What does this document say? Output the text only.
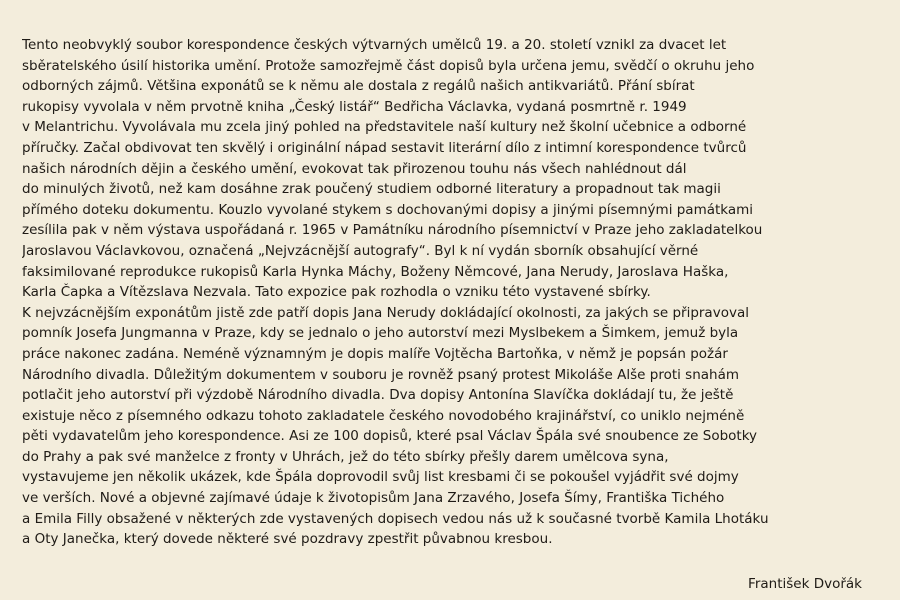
Tento neobvyklý soubor korespondence českých výtvarných umělců 19. a 20. století vznikl za dvacet let
sběratelského úsilí historika umění. Protože samozřejmě část dopisů byla určena jemu, svědčí o okruhu jeho
odborných zájmů. Většina exponátů se k němu ale dostala z regálů našich antikvariátů. Přání sbírat
rukopisy vyvolala v něm prvotně kniha „Český listář“ Bedřicha Václavka, vydaná posmrtně r. 1949
v Melantrichu. Vyvolávala mu zcela jiný pohled na představitele naší kultury než školní učebnice a odborné
příručky. Začal obdivovat ten skvělý i originální nápad sestavit literární dílo z intimní korespondence tvůrců
našich národních dějin a českého umění, evokovat tak přirozenou touhu nás všech nahlédnout dál
do minulých životů, než kam dosáhne zrak poučený studiem odborné literatury a propadnout tak magii
přímého doteku dokumentu. Kouzlo vyvolané stykem s dochovanými dopisy a jinými písemnými památkami
zesílila pak v něm výstava uspořádaná r. 1965 v Památníku národního písemnictví v Praze jeho zakladatelkou
Jaroslavou Václavkovou, označená „Nejvzácnější autografy“. Byl k ní vydán sborník obsahující věrné
faksimilované reprodukce rukopisů Karla Hynka Máchy, Boženy Němcové, Jana Nerudy, Jaroslava Haška,
Karla Čapka a Vítězslava Nezvala. Tato expozice pak rozhodla o vzniku této vystavené sbírky.
K nejvzácnějším exponátům jistě zde patří dopis Jana Nerudy dokládající okolnosti, za jakých se připravoval
pomník Josefa Jungmanna v Praze, kdy se jednalo o jeho autorství mezi Myslbekem a Šimkem, jemuž byla
práce nakonec zadána. Neméně významným je dopis malíře Vojtěcha Bartoňka, v němž je popsán požár
Národního divadla. Důležitým dokumentem v souboru je rovněž psaný protest Mikoláše Alše proti snahám
potlačit jeho autorství při výzdobě Národního divadla. Dva dopisy Antonína Slavíčka dokládají tu, že ještě
existuje něco z písemného odkazu tohoto zakladatele českého novodobého krajinářství, co uniklo nejméně
pěti vydavatelům jeho korespondence. Asi ze 100 dopisů, které psal Václav Špála své snoubence ze Sobotky
do Prahy a pak své manželce z fronty v Uhrách, jež do této sbírky přešly darem umělcova syna,
vystavujeme jen několik ukázek, kde Špála doprovodil svůj list kresbami či se pokoušel vyjádřit své dojmy
ve verších. Nové a objevné zajímavé údaje k životopisům Jana Zrzavého, Josefa Šímy, Františka Tichého
a Emila Filly obsažené v některých zde vystavených dopisech vedou nás už k současné tvorbě Kamila Lhotáku
a Oty Janečka, který dovede některé své pozdravy zpestřit půvabnou kresbou.
František Dvořák
